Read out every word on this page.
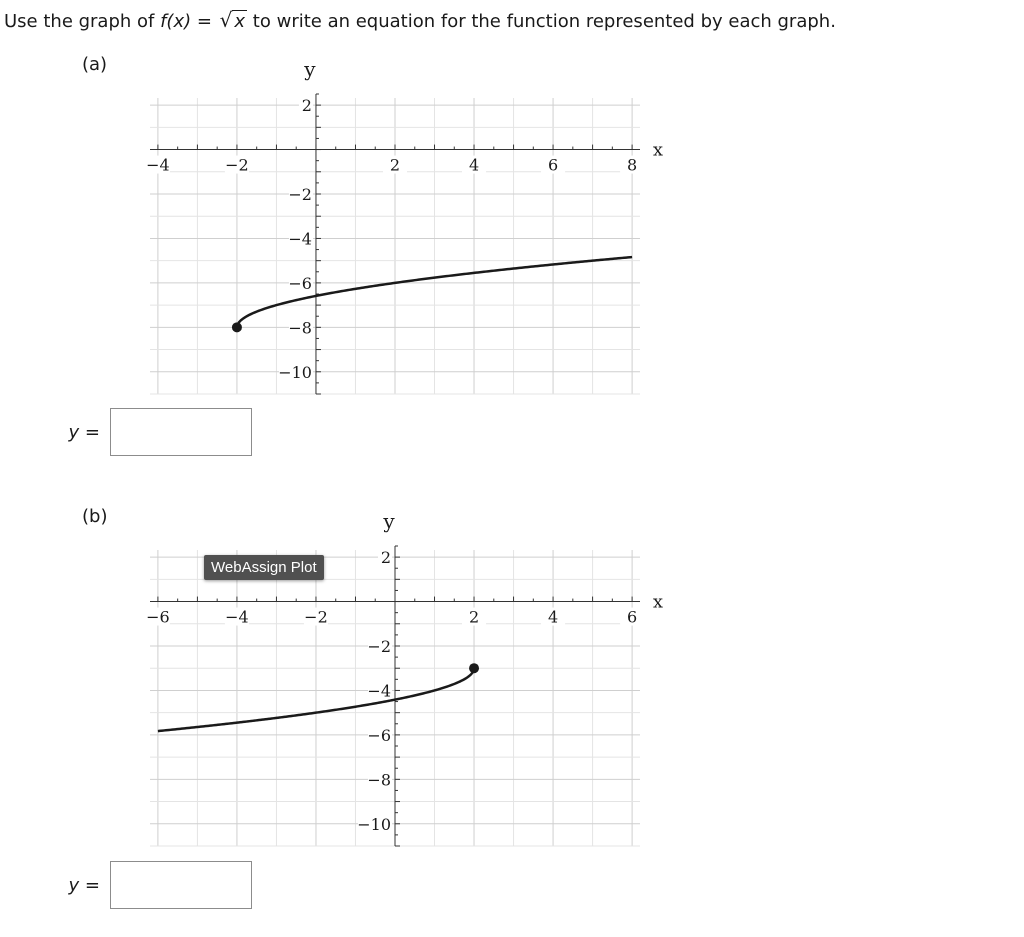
Use the graph of f(x) = √ x to write an equation for the function represented by each graph.
(a)
x
y
−4	−2	2	4	6	8
2
−2
−4
−6
−8
−10
y =
(b)
x
y
−6	−4	−2	2	4	6
2
−2
−4
−6
−8
−10
WebAssign Plot
y =
